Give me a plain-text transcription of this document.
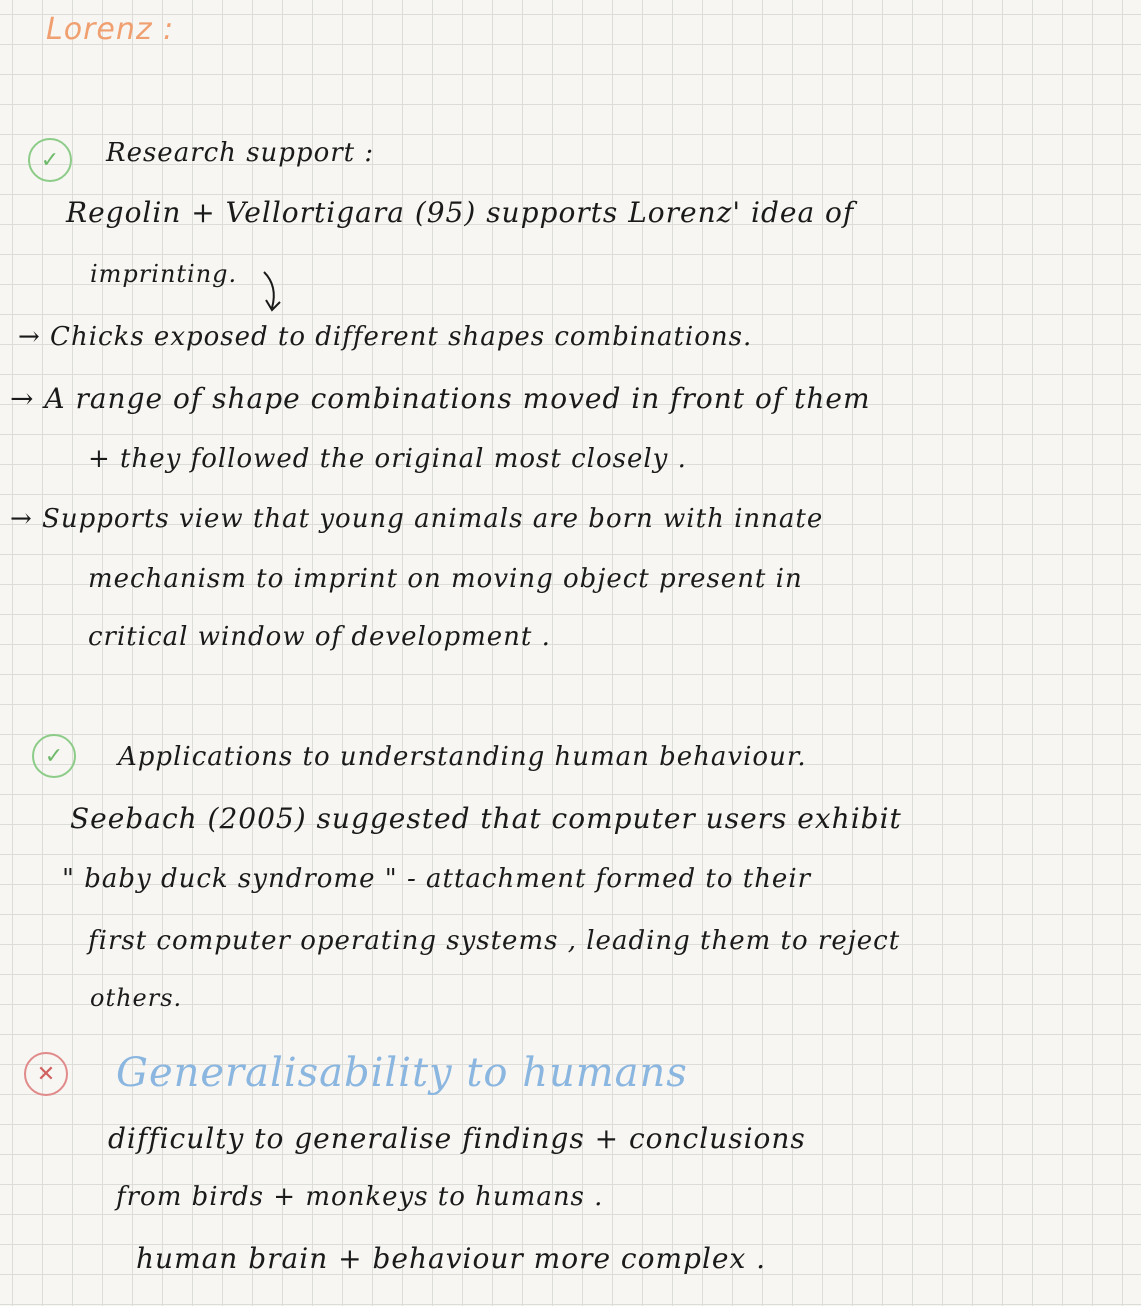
Lorenz :
✓	Research support :
Regolin + Vellortigara (95) supports Lorenz' idea of
imprinting.
→ Chicks exposed to different shapes combinations.
→ A range of shape combinations moved in front of them
+ they followed the original most closely .
→ Supports view that young animals are born with innate
mechanism to imprint on moving object present in
critical window of development .
✓	Applications to understanding human behaviour.
Seebach (2005) suggested that computer users exhibit
" baby duck syndrome " - attachment formed to their
first computer operating systems , leading them to reject
others.
✕	Generalisability to humans
difficulty to generalise findings + conclusions
from birds + monkeys to humans .
human brain + behaviour more complex .
